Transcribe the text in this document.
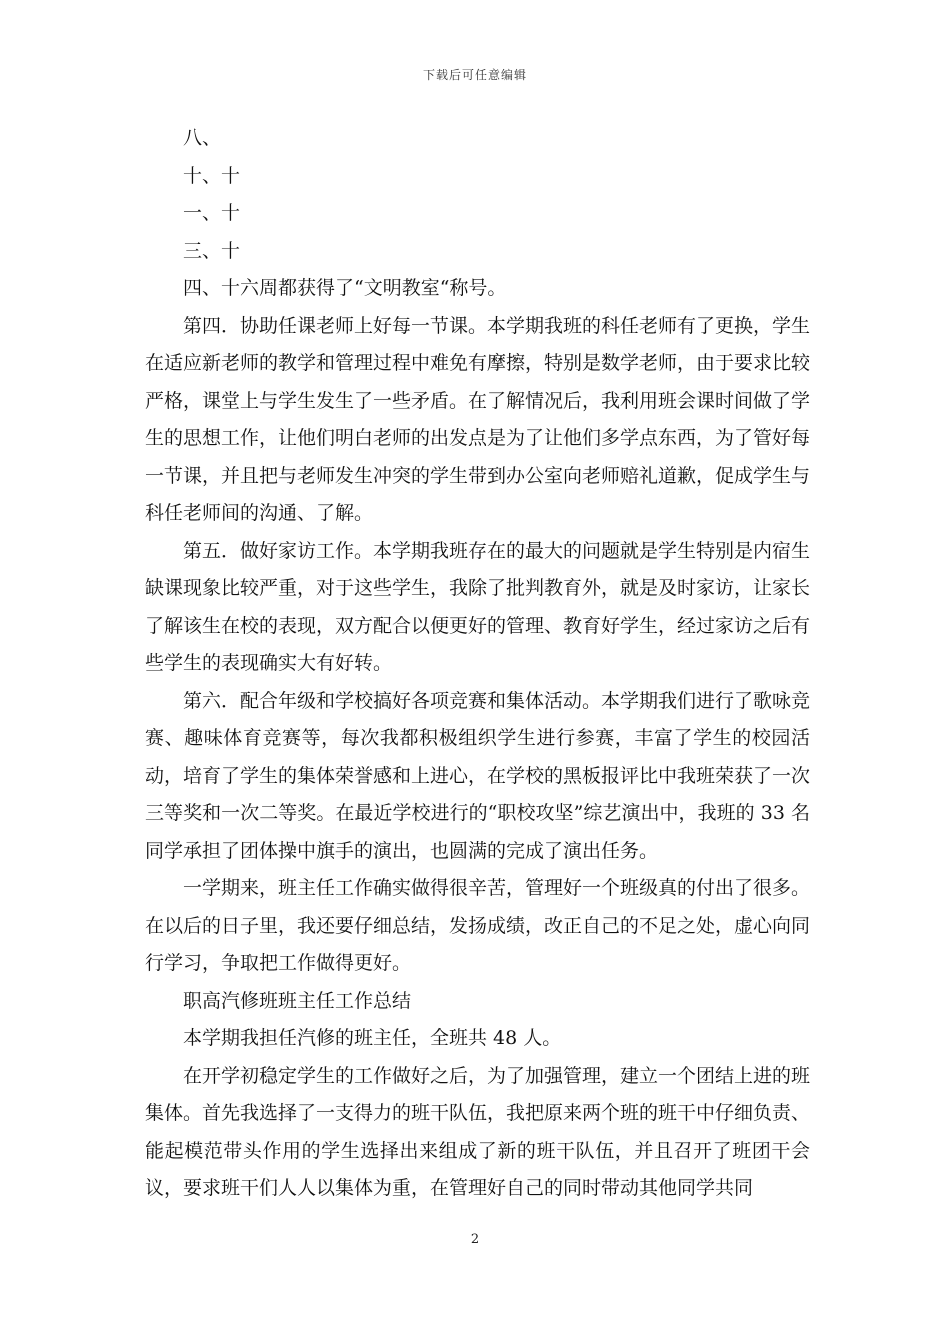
下载后可任意编辑

八、

十、十

一、十

三、十

四、十六周都获得了“文明教室“称号。

第四．协助任课老师上好每一节课。本学期我班的科任老师有了更换，学生在适应新老师的教学和管理过程中难免有摩擦，特别是数学老师，由于要求比较严格，课堂上与学生发生了一些矛盾。在了解情况后，我利用班会课时间做了学生的思想工作，让他们明白老师的出发点是为了让他们多学点东西，为了管好每一节课，并且把与老师发生冲突的学生带到办公室向老师赔礼道歉，促成学生与科任老师间的沟通、了解。

第五．做好家访工作。本学期我班存在的最大的问题就是学生特别是内宿生缺课现象比较严重，对于这些学生，我除了批判教育外，就是及时家访，让家长了解该生在校的表现，双方配合以便更好的管理、教育好学生，经过家访之后有些学生的表现确实大有好转。

第六．配合年级和学校搞好各项竞赛和集体活动。本学期我们进行了歌咏竞赛、趣味体育竞赛等，每次我都积极组织学生进行参赛，丰富了学生的校园活动，培育了学生的集体荣誉感和上进心，在学校的黑板报评比中我班荣获了一次三等奖和一次二等奖。在最近学校进行的“职校攻坚”综艺演出中，我班的 33 名同学承担了团体操中旗手的演出，也圆满的完成了演出任务。

一学期来，班主任工作确实做得很辛苦，管理好一个班级真的付出了很多。在以后的日子里，我还要仔细总结，发扬成绩，改正自己的不足之处，虚心向同行学习，争取把工作做得更好。

职高汽修班班主任工作总结

本学期我担任汽修的班主任，全班共 48 人。

在开学初稳定学生的工作做好之后，为了加强管理，建立一个团结上进的班集体。首先我选择了一支得力的班干队伍，我把原来两个班的班干中仔细负责、能起模范带头作用的学生选择出来组成了新的班干队伍，并且召开了班团干会议，要求班干们人人以集体为重，在管理好自己的同时带动其他同学共同

2
